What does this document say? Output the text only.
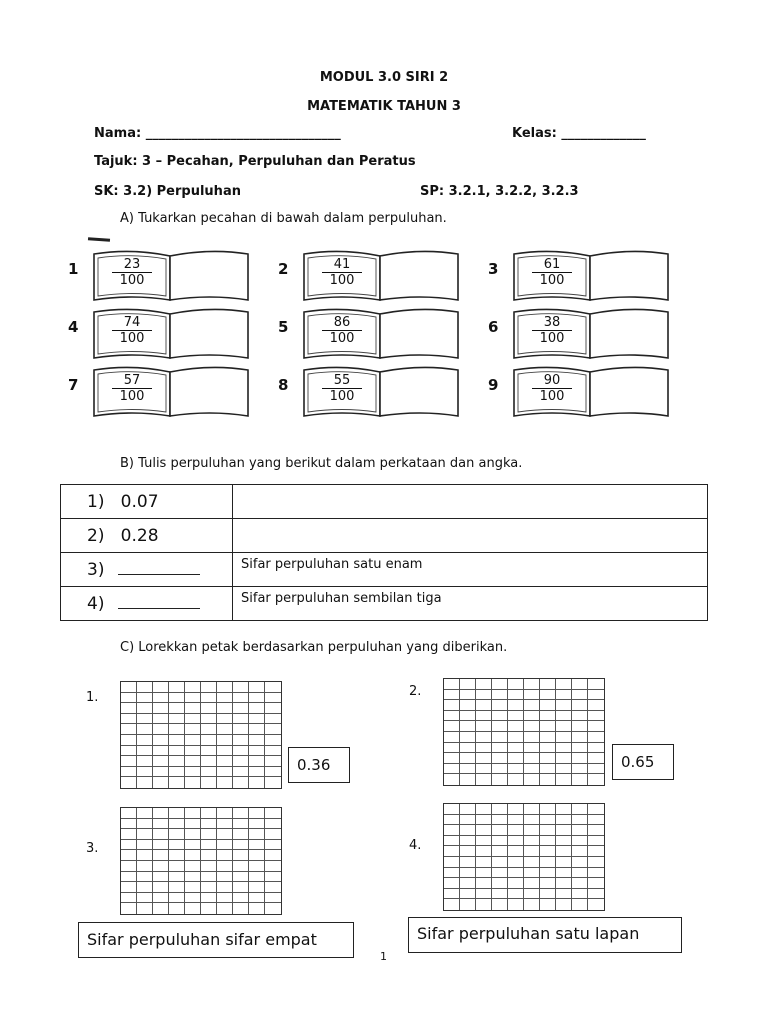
MODUL 3.0 SIRI 2
MATEMATIK TAHUN 3
Nama: ______________________________	Kelas: _____________
Tajuk: 3 – Pecahan, Perpuluhan dan Peratus
SK: 3.2) Perpuluhan	SP: 3.2.1, 3.2.2, 3.2.3
A) Tukarkan pecahan di bawah dalam perpuluhan.
1	23
100
2	41
100
3	61
100
4	74
100
5	86
100
6	38
100
7	57
100
8	55
100
9	90
100
B) Tulis perpuluhan yang berikut dalam perkataan dan angka.
1) 0.07	
2) 0.28	
3)	Sifar perpuluhan satu enam
4)	Sifar perpuluhan sembilan tiga
C) Lorekkan petak berdasarkan perpuluhan yang diberikan.
1.
0.36
2.
0.65
3.
Sifar perpuluhan sifar empat
4.
Sifar perpuluhan satu lapan
1
